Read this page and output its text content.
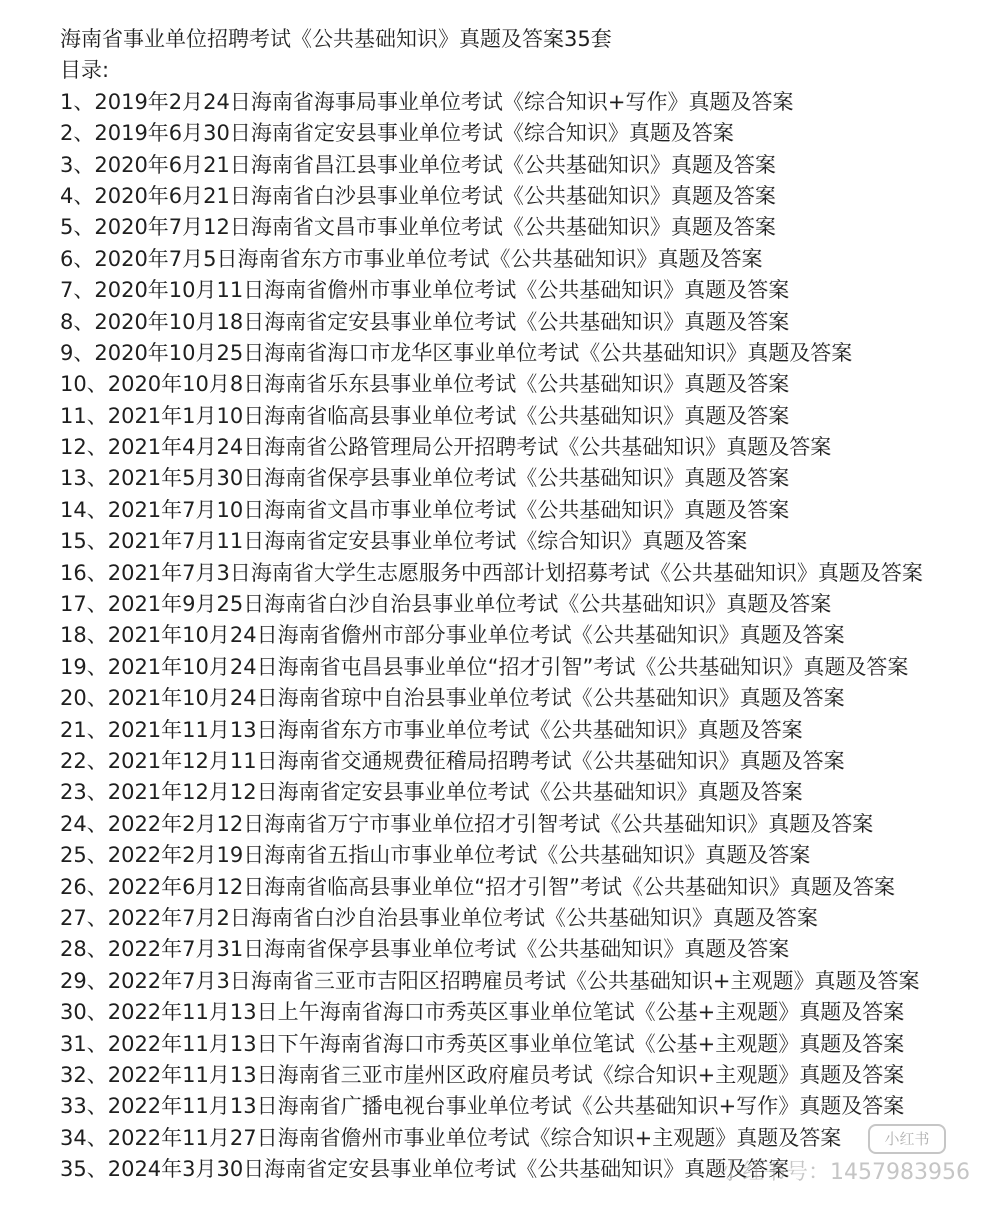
海南省事业单位招聘考试《公共基础知识》真题及答案35套
目录:
1、2019年2月24日海南省海事局事业单位考试《综合知识+写作》真题及答案
2、2019年6月30日海南省定安县事业单位考试《综合知识》真题及答案
3、2020年6月21日海南省昌江县事业单位考试《公共基础知识》真题及答案
4、2020年6月21日海南省白沙县事业单位考试《公共基础知识》真题及答案
5、2020年7月12日海南省文昌市事业单位考试《公共基础知识》真题及答案
6、2020年7月5日海南省东方市事业单位考试《公共基础知识》真题及答案
7、2020年10月11日海南省儋州市事业单位考试《公共基础知识》真题及答案
8、2020年10月18日海南省定安县事业单位考试《公共基础知识》真题及答案
9、2020年10月25日海南省海口市龙华区事业单位考试《公共基础知识》真题及答案
10、2020年10月8日海南省乐东县事业单位考试《公共基础知识》真题及答案
11、2021年1月10日海南省临高县事业单位考试《公共基础知识》真题及答案
12、2021年4月24日海南省公路管理局公开招聘考试《公共基础知识》真题及答案
13、2021年5月30日海南省保亭县事业单位考试《公共基础知识》真题及答案
14、2021年7月10日海南省文昌市事业单位考试《公共基础知识》真题及答案
15、2021年7月11日海南省定安县事业单位考试《综合知识》真题及答案
16、2021年7月3日海南省大学生志愿服务中西部计划招募考试《公共基础知识》真题及答案
17、2021年9月25日海南省白沙自治县事业单位考试《公共基础知识》真题及答案
18、2021年10月24日海南省儋州市部分事业单位考试《公共基础知识》真题及答案
19、2021年10月24日海南省屯昌县事业单位“招才引智”考试《公共基础知识》真题及答案
20、2021年10月24日海南省琼中自治县事业单位考试《公共基础知识》真题及答案
21、2021年11月13日海南省东方市事业单位考试《公共基础知识》真题及答案
22、2021年12月11日海南省交通规费征稽局招聘考试《公共基础知识》真题及答案
23、2021年12月12日海南省定安县事业单位考试《公共基础知识》真题及答案
24、2022年2月12日海南省万宁市事业单位招才引智考试《公共基础知识》真题及答案
25、2022年2月19日海南省五指山市事业单位考试《公共基础知识》真题及答案
26、2022年6月12日海南省临高县事业单位“招才引智”考试《公共基础知识》真题及答案
27、2022年7月2日海南省白沙自治县事业单位考试《公共基础知识》真题及答案
28、2022年7月31日海南省保亭县事业单位考试《公共基础知识》真题及答案
29、2022年7月3日海南省三亚市吉阳区招聘雇员考试《公共基础知识+主观题》真题及答案
30、2022年11月13日上午海南省海口市秀英区事业单位笔试《公基+主观题》真题及答案
31、2022年11月13日下午海南省海口市秀英区事业单位笔试《公基+主观题》真题及答案
32、2022年11月13日海南省三亚市崖州区政府雇员考试《综合知识+主观题》真题及答案
33、2022年11月13日海南省广播电视台事业单位考试《公共基础知识+写作》真题及答案
34、2022年11月27日海南省儋州市事业单位考试《综合知识+主观题》真题及答案
35、2024年3月30日海南省定安县事业单位考试《公共基础知识》真题及答案
小红书
小红书号：1457983956
